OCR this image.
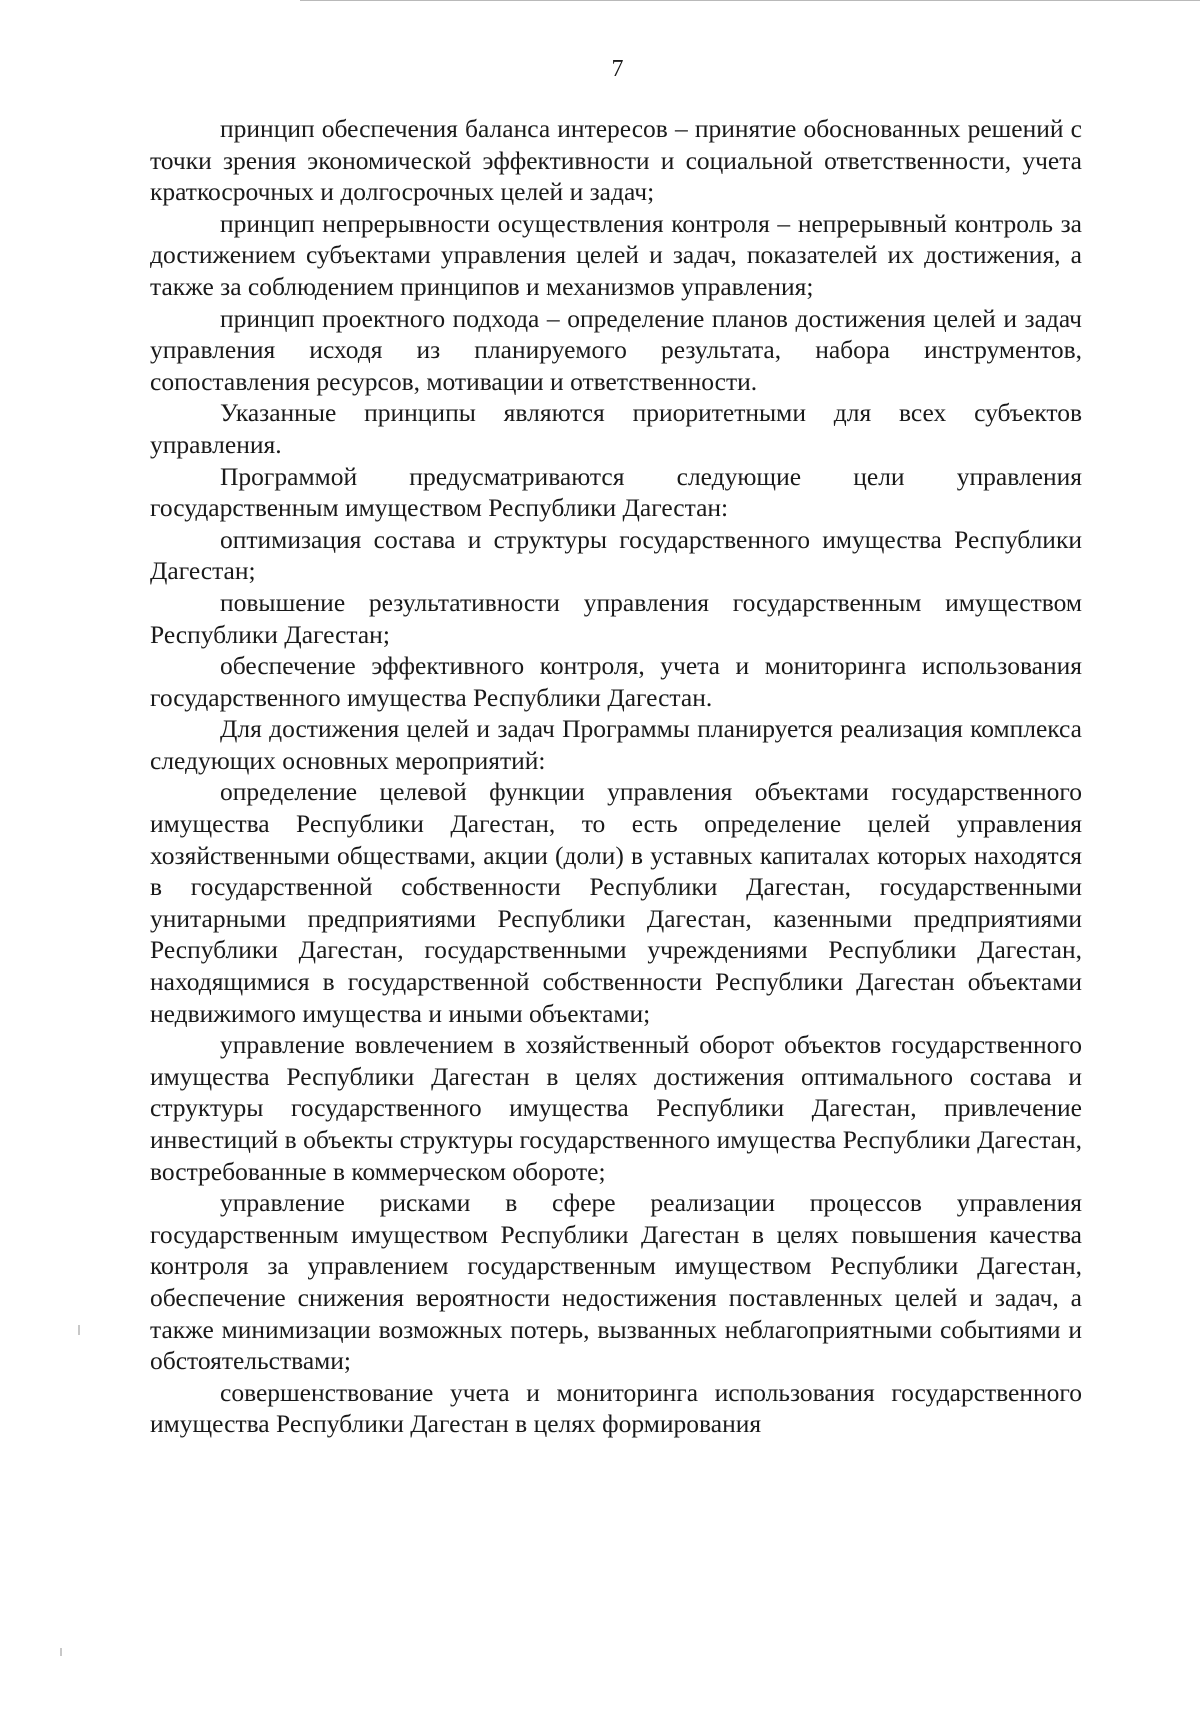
7

принцип обеспечения баланса интересов – принятие обоснованных решений с точки зрения экономической эффективности и социальной ответственности, учета краткосрочных и долгосрочных целей и задач;

принцип непрерывности осуществления контроля – непрерывный контроль за достижением субъектами управления целей и задач, показателей их достижения, а также за соблюдением принципов и механизмов управления;

принцип проектного подхода – определение планов достижения целей и задач управления исходя из планируемого результата, набора инструментов, сопоставления ресурсов, мотивации и ответственности.

Указанные принципы являются приоритетными для всех субъектов управления.

Программой предусматриваются следующие цели управления государственным имуществом Республики Дагестан:

оптимизация состава и структуры государственного имущества Республики Дагестан;

повышение результативности управления государственным имуществом Республики Дагестан;

обеспечение эффективного контроля, учета и мониторинга использования государственного имущества Республики Дагестан.

Для достижения целей и задач Программы планируется реализация комплекса следующих основных мероприятий:

определение целевой функции управления объектами государственного имущества Республики Дагестан, то есть определение целей управления хозяйственными обществами, акции (доли) в уставных капиталах которых находятся в государственной собственности Республики Дагестан, государственными унитарными предприятиями Республики Дагестан, казенными предприятиями Республики Дагестан, государственными учреждениями Республики Дагестан, находящимися в государственной собственности Республики Дагестан объектами недвижимого имущества и иными объектами;

управление вовлечением в хозяйственный оборот объектов государственного имущества Республики Дагестан в целях достижения оптимального состава и структуры государственного имущества Республики Дагестан, привлечение инвестиций в объекты структуры государственного имущества Республики Дагестан, востребованные в коммерческом обороте;

управление рисками в сфере реализации процессов управления государственным имуществом Республики Дагестан в целях повышения качества контроля за управлением государственным имуществом Республики Дагестан, обеспечение снижения вероятности недостижения поставленных целей и задач, а также минимизации возможных потерь, вызванных неблагоприятными событиями и обстоятельствами;

совершенствование учета и мониторинга использования государственного имущества Республики Дагестан в целях формирования
